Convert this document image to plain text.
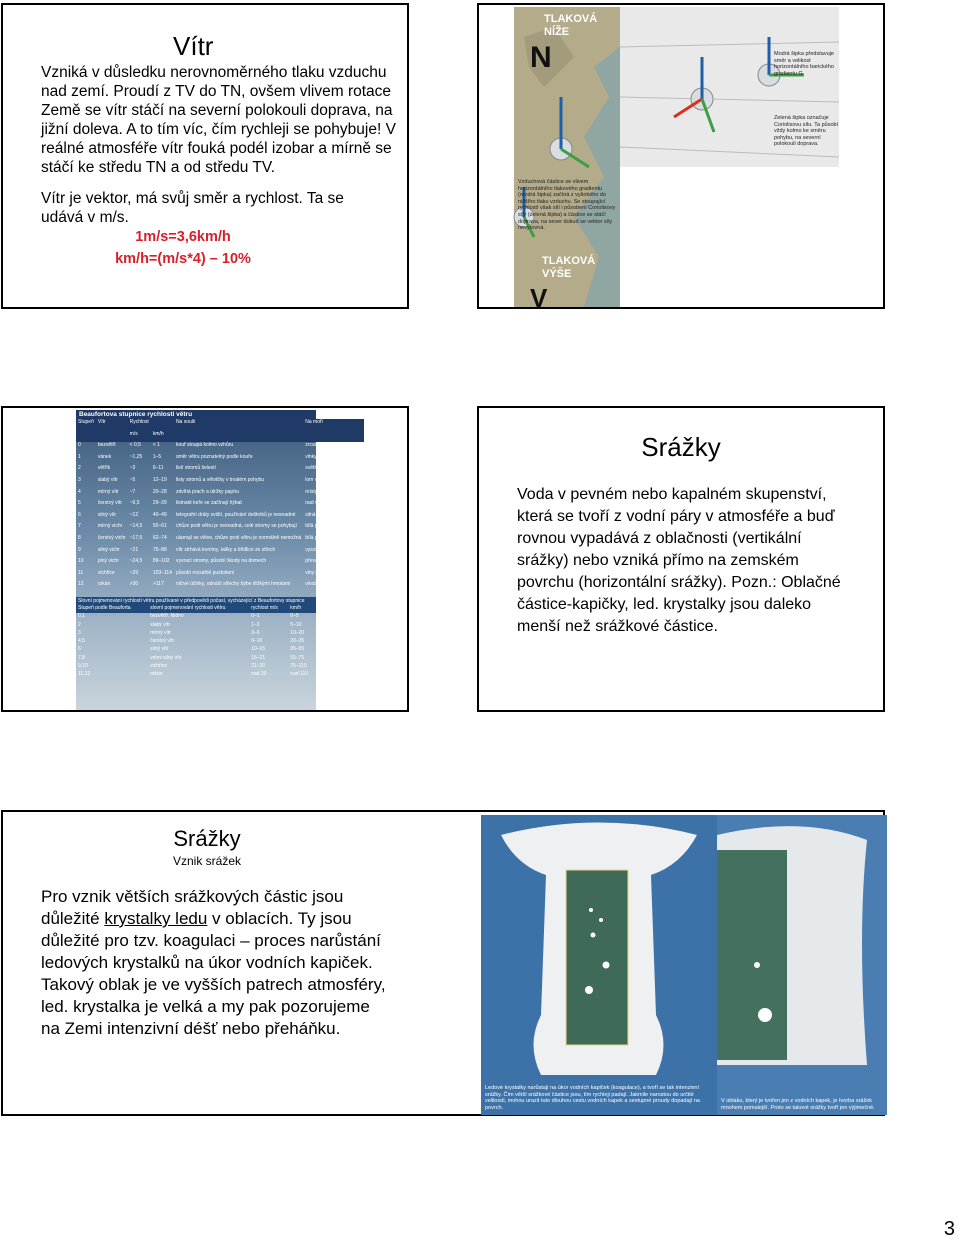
Vítr
Vzniká v důsledku nerovnoměrného tlaku vzduchu nad zemí. Proudí z TV do TN, ovšem vlivem rotace Země se vítr stáčí na severní polokouli doprava, na jižní doleva. A to tím víc, čím rychleji se pohybuje! V reálné atmosféře vítr fouká podél izobar a mírně se stáčí ke středu TN a od středu TV.
Vítr je vektor, má svůj směr a rychlost. Ta se udává v m/s.
1m/s=3,6km/h
km/h=(m/s*4) – 10%
TLAKOVÁ
NÍŽE
N
TLAKOVÁ
VÝŠE
V
Modrá šipka představuje směr a velikost horizontálního barického gradientu G
Zelená šipka označuje Coriolisovu sílu. Ta působí vždy kolmo ke směru pohybu, na severní polokouli doprava.
Vzduchová částice se vlivem horizontálního tlakového gradientu (modrá šipka) začíná z vyšokého do nižšího tlaku vzduchu. Se stoupající rychlostí však sílí i působení Coriolisovy síly (zelená šipka) a částice se stáčí doprava, na sever dokud se vektor síly nevyrovná.
Beaufortova stupnice rychlosti větru
Stupeň	Vítr	Rychlost		Na souši	Na moři
		m/s	km/h		
0	bezvětří	< 0,5	< 1	kouř stoupá kolmo vzhůru	zrcadlo
1	vánek	~1,25	1–5	směr větru poznatelný podle kouře	vlnky
2	větřík	~3	6–11	listí stromů šelestí	světlejší hřbety vln
3	slabý vítr	~5	12–19	listy stromů a větvičky v trvalém pohybu	lom vln
4	mírný vítr	~7	20–28	zdvíhá prach a útržky papíru	místy bílé hřebeny vln
5	čerstvý vítr	~9,5	29–39	listnaté keře se začínají hýbat	nad vlnami vodní tříšť
6	silný vítr	~12	40–49	telegrafní dráty sviští, používání deštníků je nesnadné	silná vodní tříšť
7	mírný vichr	~14,5	50–61	chůze proti větru je nesnadná, celé stromy se pohybují	bílá pěna na vlnách
8	čerstvý vichr	~17,5	62–74	ulamují se větve, chůze proti větru je normálně nemožná	bílá pěna na vlnách
9	silný vichr	~21	75–88	vítr strhává komíny, tašky a břidlice ze střech	vysoké rolující vlny
10	plný vichr	~24,5	89–102	vyvrací stromy, působí škody na domech	převalující hřebenatky
11	vichřice	~29	103–114	působí rozsáhlé pustošení	vlny pokryté pěnou
12	orkán	>30	>117	ničivé účinky, odnáší střechy býbe těžkými hmotami	vinobití, pěna ve vzduchu
Slovní pojmenování rychlostí větru používané v předpovědi počasí, vycházející z Beaufortovy stupnice
Stupeň podle Beauforta	slovní pojmenování rychlosti větru	rychlost m/s	km/h
0,1	bezvětří, klidno	0–1	0–5
2	slabý vítr	1–3	5–10
3	mírný vítr	3–6	10–20
4,5	čerstvý vítr	6–10	20–35
6	silný vítr	10–15	35–55
7,8	velmi silný vítr	15–21	55–75
9,10	vichřice	21–30	75–110
11,12	orkán	nad 30	nad 110
Srážky
Voda v pevném nebo kapalném skupenství, která se tvoří z vodní páry v atmosféře a buď rovnou vypadává z oblačnosti (vertikální srážky) nebo vzniká přímo na zemském povrchu (horizontální srážky). Pozn.: Oblačné částice-kapičky, led. krystalky jsou daleko menší než srážkové částice.
Srážky
Vznik srážek
Pro vznik větších srážkových částic jsou důležité krystalky ledu v oblacích. Ty jsou důležité pro tzv. koagulaci – proces narůstání ledových krystalků na úkor vodních kapiček. Takový oblak je ve vyšších patrech atmosféry, led. krystalka je velká a my pak pozorujeme na Zemi intenzivní déšť nebo přeháňku.
Ledové krystalky narůstají na úkor vodních kapiček (koagulace), a tvoří se tak intenzivní srážky. Čím větší srážkové částice jsou, tím rychleji padají. Jakmile narostou do určité velikosti, mohou urazit tuto dlouhou cestu vodních kapek a sestupné proudy dopadají na povrch.
V oblaku, který je tvořen jen z vodních kapek, je tvorba srážek mnohem pomalejší. Proto se takové srážky tvoří jen výjimečně.
3
